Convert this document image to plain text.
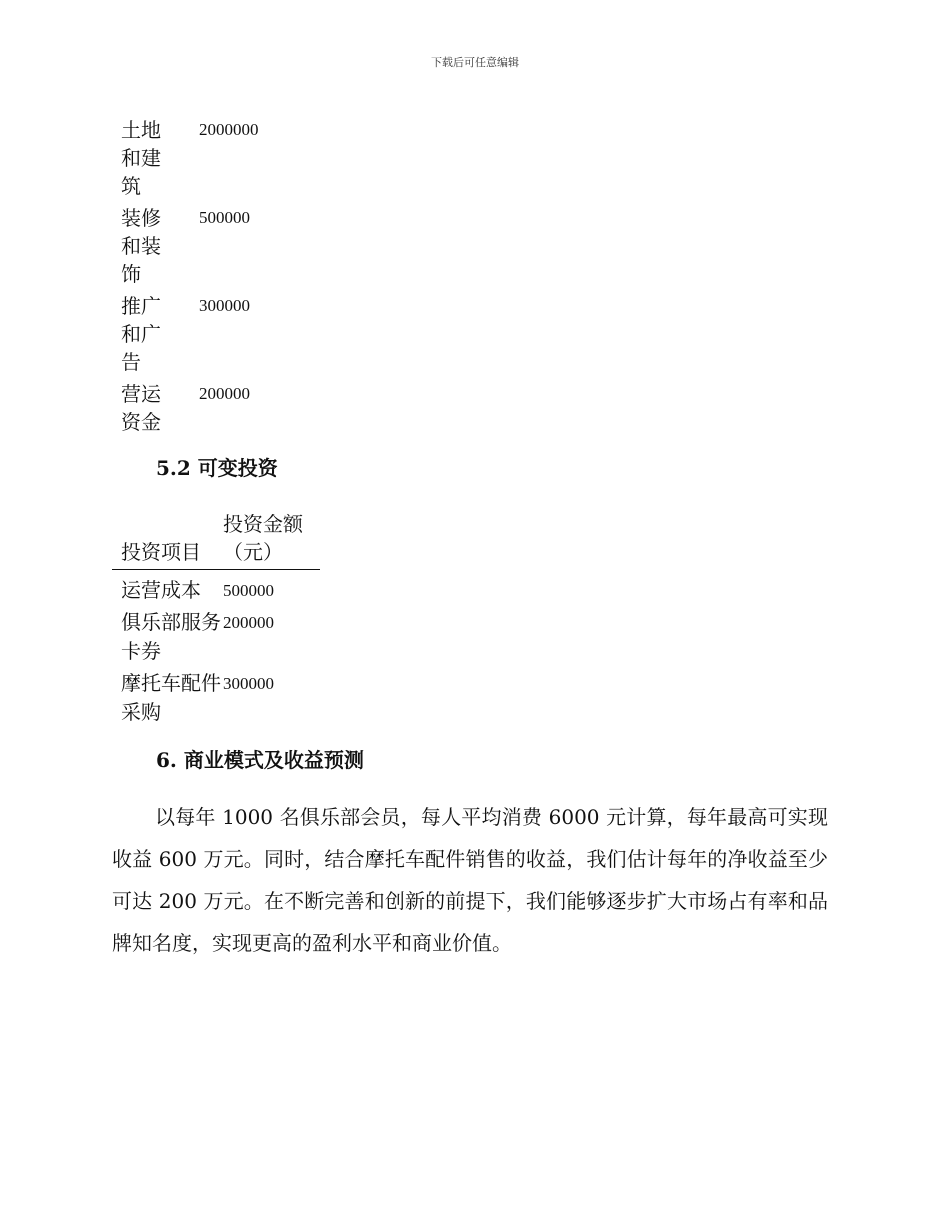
下载后可任意编辑
土地和建筑	2000000
装修和装饰	500000
推广和广告	300000
营运资金	200000
5.2 可变投资
投资项目	投资金额
（元）

运营成本	500000
俱乐部服务卡券	200000
摩托车配件采购	300000
6. 商业模式及收益预测

以每年 1000 名俱乐部会员，每人平均消费 6000 元计算，每年最高可实现收益 600 万元。同时，结合摩托车配件销售的收益，我们估计每年的净收益至少可达 200 万元。在不断完善和创新的前提下，我们能够逐步扩大市场占有率和品牌知名度，实现更高的盈利水平和商业价值。
